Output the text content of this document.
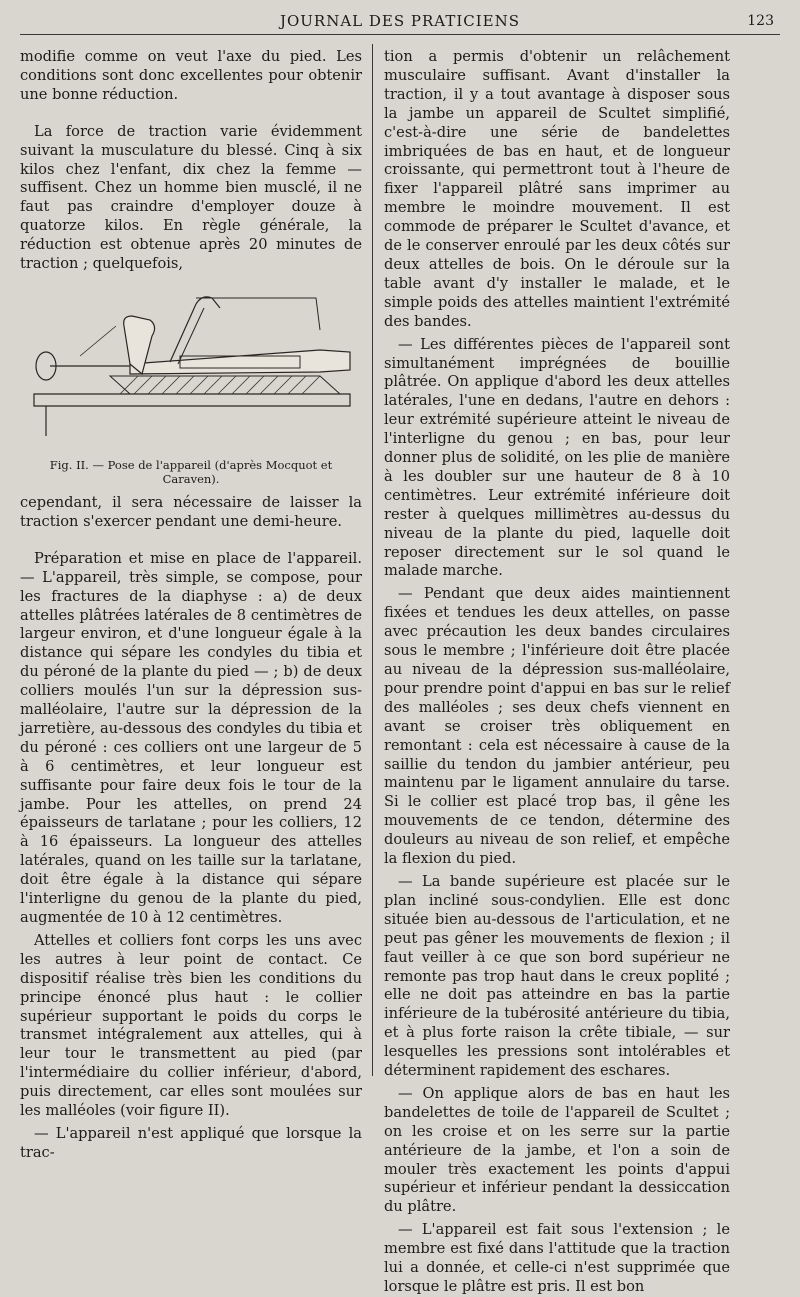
JOURNAL DES PRATICIENS	123

modifie comme on veut l'axe du pied. Les conditions sont donc excellentes pour obtenir une bonne réduction.

La force de traction varie évidemment suivant la musculature du blessé. Cinq à six kilos chez l'enfant, dix chez la femme — suffisent. Chez un homme bien musclé, il ne faut pas craindre d'employer douze à quatorze kilos. En règle générale, la réduction est obtenue après 20 minutes de traction ; quelquefois,

Fig. II. — Pose de l'appareil (d'après Mocquot et Caraven).

cependant, il sera nécessaire de laisser la traction s'exercer pendant une demi-heure.

Préparation et mise en place de l'appareil. — L'appareil, très simple, se compose, pour les fractures de la diaphyse : a) de deux attelles plâtrées latérales de 8 centimètres de largeur environ, et d'une longueur égale à la distance qui sépare les condyles du tibia et du péroné de la plante du pied — ; b) de deux colliers moulés l'un sur la dépression sus-malléolaire, l'autre sur la dépression de la jarretière, au-dessous des condyles du tibia et du péroné : ces colliers ont une largeur de 5 à 6 centimètres, et leur longueur est suffisante pour faire deux fois le tour de la jambe. Pour les attelles, on prend 24 épaisseurs de tarlatane ; pour les colliers, 12 à 16 épaisseurs. La longueur des attelles latérales, quand on les taille sur la tarlatane, doit être égale à la distance qui sépare l'interligne du genou de la plante du pied, augmentée de 10 à 12 centimètres.

Attelles et colliers font corps les uns avec les autres à leur point de contact. Ce dispositif réalise très bien les conditions du principe énoncé plus haut : le collier supérieur supportant le poids du corps le transmet intégralement aux attelles, qui à leur tour le transmettent au pied (par l'intermédiaire du collier inférieur, d'abord, puis directement, car elles sont moulées sur les malléoles (voir figure II).

— L'appareil n'est appliqué que lorsque la trac-

tion a permis d'obtenir un relâchement musculaire suffisant. Avant d'installer la traction, il y a tout avantage à disposer sous la jambe un appareil de Scultet simplifié, c'est-à-dire une série de bandelettes imbriquées de bas en haut, et de longueur croissante, qui permettront tout à l'heure de fixer l'appareil plâtré sans imprimer au membre le moindre mouvement. Il est commode de préparer le Scultet d'avance, et de le conserver enroulé par les deux côtés sur deux attelles de bois. On le déroule sur la table avant d'y installer le malade, et le simple poids des attelles maintient l'extrémité des bandes.

— Les différentes pièces de l'appareil sont simultanément imprégnées de bouillie plâtrée. On applique d'abord les deux attelles latérales, l'une en dedans, l'autre en dehors : leur extrémité supérieure atteint le niveau de l'interligne du genou ; en bas, pour leur donner plus de solidité, on les plie de manière à les doubler sur une hauteur de 8 à 10 centimètres. Leur extrémité inférieure doit rester à quelques millimètres au-dessus du niveau de la plante du pied, laquelle doit reposer directement sur le sol quand le malade marche.

— Pendant que deux aides maintiennent fixées et tendues les deux attelles, on passe avec précaution les deux bandes circulaires sous le membre ; l'inférieure doit être placée au niveau de la dépression sus-malléolaire, pour prendre point d'appui en bas sur le relief des malléoles ; ses deux chefs viennent en avant se croiser très obliquement en remontant : cela est nécessaire à cause de la saillie du tendon du jambier antérieur, peu maintenu par le ligament annulaire du tarse. Si le collier est placé trop bas, il gêne les mouvements de ce tendon, détermine des douleurs au niveau de son relief, et empêche la flexion du pied.

— La bande supérieure est placée sur le plan incliné sous-condylien. Elle est donc située bien au-dessous de l'articulation, et ne peut pas gêner les mouvements de flexion ; il faut veiller à ce que son bord supérieur ne remonte pas trop haut dans le creux poplité ; elle ne doit pas atteindre en bas la partie inférieure de la tubérosité antérieure du tibia, et à plus forte raison la crête tibiale, — sur lesquelles les pressions sont intolérables et déterminent rapidement des eschares.

— On applique alors de bas en haut les bandelettes de toile de l'appareil de Scultet ; on les croise et on les serre sur la partie antérieure de la jambe, et l'on a soin de mouler très exactement les points d'appui supérieur et inférieur pendant la dessiccation du plâtre.

— L'appareil est fait sous l'extension ; le membre est fixé dans l'attitude que la traction lui a donnée, et celle-ci n'est supprimée que lorsque le plâtre est pris. Il est bon
